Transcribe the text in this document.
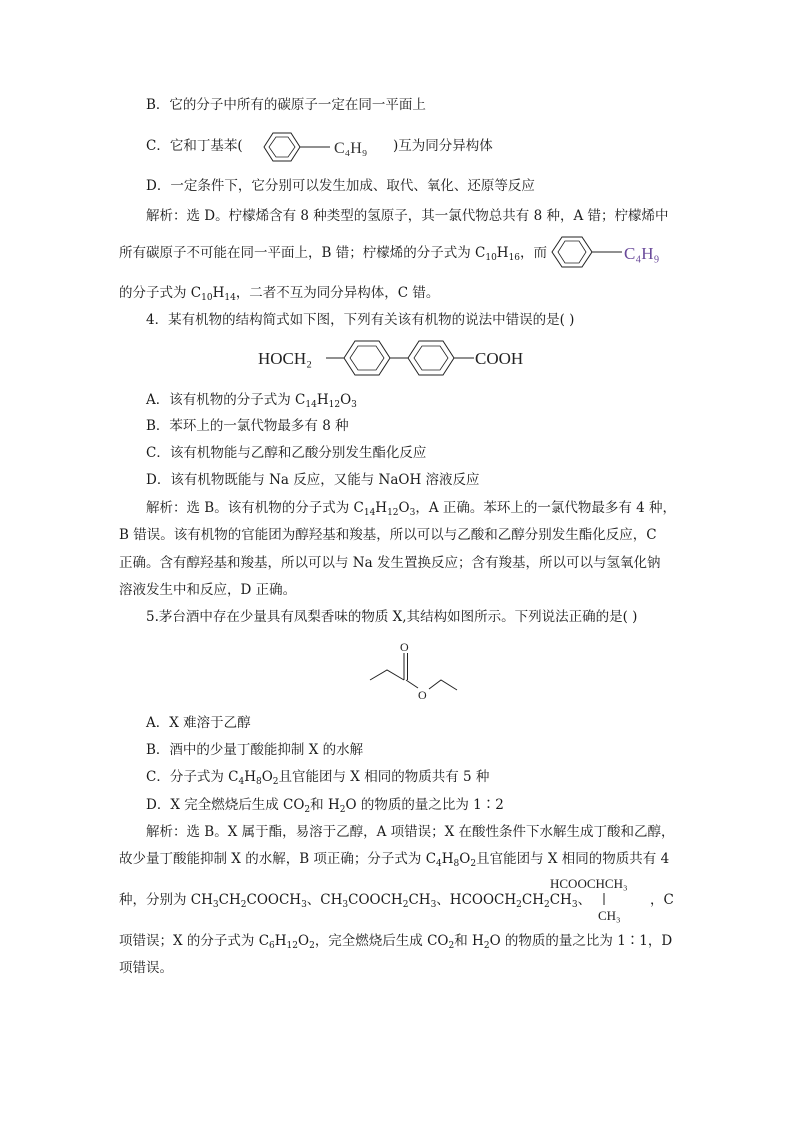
B．它的分子中所有的碳原子一定在同一平面上
C．它和丁基苯(	C₄H₉ )互为同分异构体
D．一定条件下，它分别可以发生加成、取代、氧化、还原等反应
解析：选 D。柠檬烯含有 8 种类型的氢原子，其一氯代物总共有 8 种，A 错；柠檬烯中
所有碳原子不可能在同一平面上，B 错；柠檬烯的分子式为 $C_{10}H_{16}$，而	C₄H₉
的分子式为 $C_{10}H_{14}$，二者不互为同分异构体，C 错。
4．某有机物的结构简式如下图，下列有关该有机物的说法中错误的是( )
HOCH₂	COOH
A．该有机物的分子式为 $C_{14}H_{12}O_3$
B．苯环上的一氯代物最多有 8 种
C．该有机物能与乙醇和乙酸分别发生酯化反应
D．该有机物既能与 Na 反应，又能与 NaOH 溶液反应
解析：选 B。该有机物的分子式为 $C_{14}H_{12}O_3$，A 正确。苯环上的一氯代物最多有 4 种，
B 错误。该有机物的官能团为醇羟基和羧基，所以可以与乙酸和乙醇分别发生酯化反应，C
正确。含有醇羟基和羧基，所以可以与 Na 发生置换反应；含有羧基，所以可以与氢氧化钠
溶液发生中和反应，D 正确。
5.茅台酒中存在少量具有凤梨香味的物质 X,其结构如图所示。下列说法正确的是( )
O
O
A．X 难溶于乙醇
B．酒中的少量丁酸能抑制 X 的水解
C．分子式为 $C_4H_8O_2$且官能团与 X 相同的物质共有 5 种
D．X 完全燃烧后生成 $CO_2$和 $H_2O$ 的物质的量之比为 1∶2
解析：选 B。X 属于酯，易溶于乙醇，A 项错误；X 在酸性条件下水解生成丁酸和乙醇，
故少量丁酸能抑制 X 的水解，B 项正确；分子式为 $C_4H_8O_2$且官能团与 X 相同的物质共有 4
种，分别为 $CH_3CH_2COOCH_3$、$CH_3COOCH_2CH_3$、$HCOOCH_2CH_2CH_3$、
HCOOCHCH₃
CH₃
，C
项错误；X 的分子式为 $C_6H_{12}O_2$，完全燃烧后生成 $CO_2$和 $H_2O$ 的物质的量之比为 1∶1，D
项错误。
